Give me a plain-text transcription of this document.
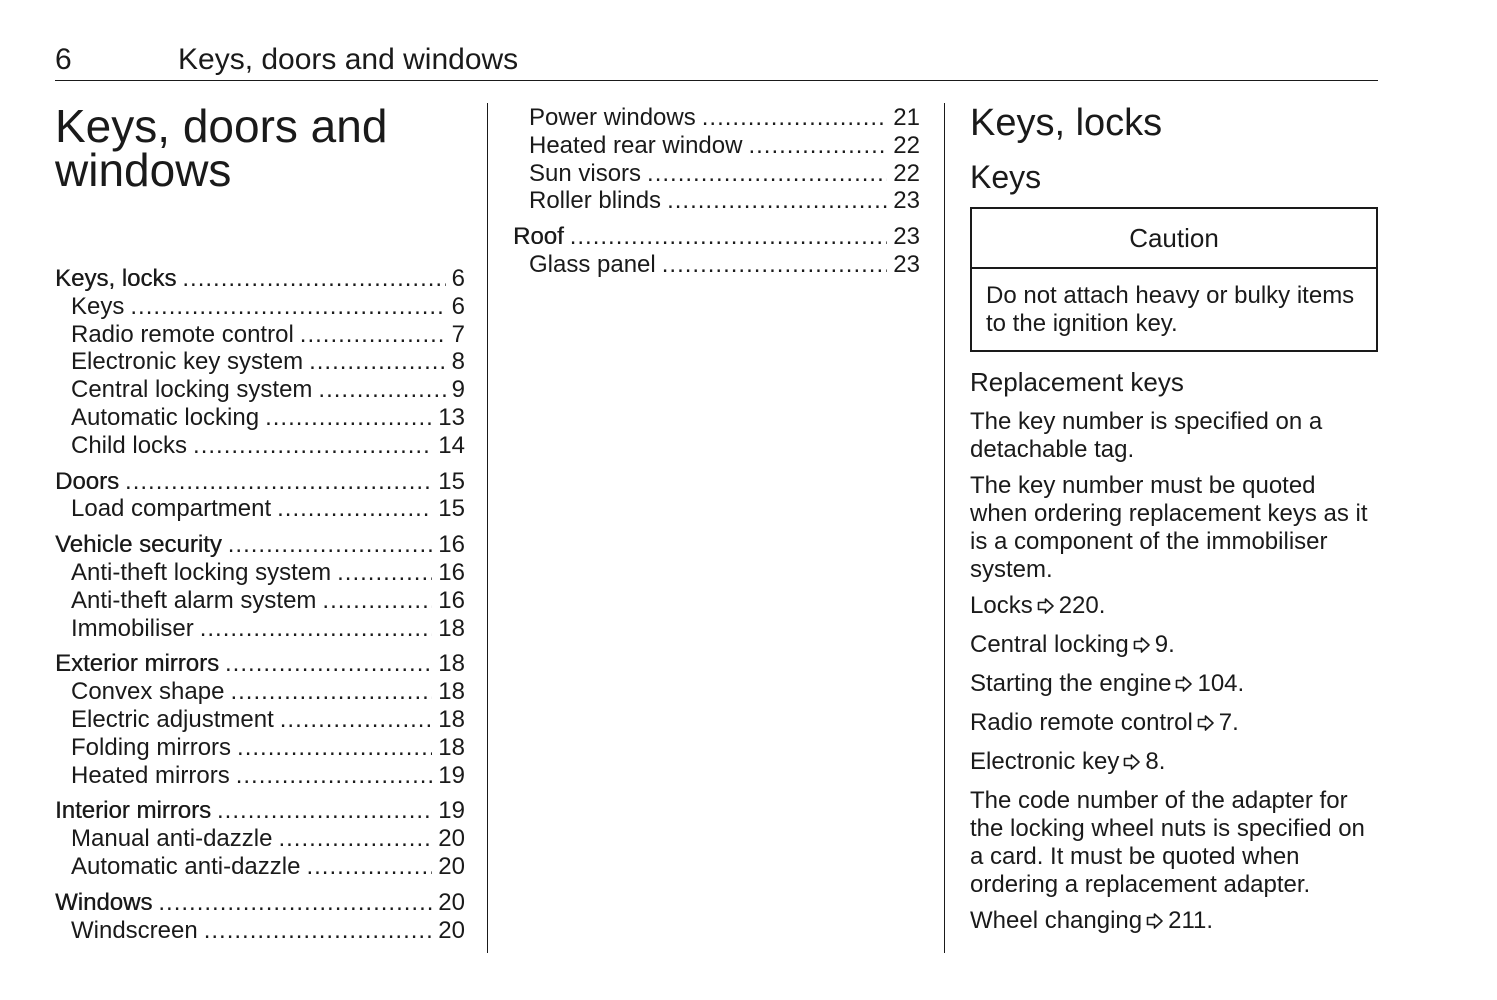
6	Keys, doors and windows
Keys, doors and windows
Keys, locks .....	6
Keys .....	6
Radio remote control .....	7
Electronic key system .....	8
Central locking system .....	9
Automatic locking .....	13
Child locks .....	14
Doors .....	15
Load compartment .....	15
Vehicle security .....	16
Anti-theft locking system .....	16
Anti-theft alarm system .....	16
Immobiliser .....	18
Exterior mirrors .....	18
Convex shape .....	18
Electric adjustment .....	18
Folding mirrors .....	18
Heated mirrors .....	19
Interior mirrors .....	19
Manual anti-dazzle .....	20
Automatic anti-dazzle .....	20
Windows .....	20
Windscreen .....	20
Power windows .....	21
Heated rear window .....	22
Sun visors .....	22
Roller blinds .....	23
Roof .....	23
Glass panel .....	23
Keys, locks
Keys
Caution
Do not attach heavy or bulky items to the ignition key.
Replacement keys

The key number is specified on a detachable tag.

The key number must be quoted when ordering replacement keys as it is a component of the immobiliser system.

Locks 220.

Central locking 9.

Starting the engine 104.

Radio remote control 7.

Electronic key 8.

The code number of the adapter for the locking wheel nuts is specified on a card. It must be quoted when ordering a replacement adapter.

Wheel changing 211.
